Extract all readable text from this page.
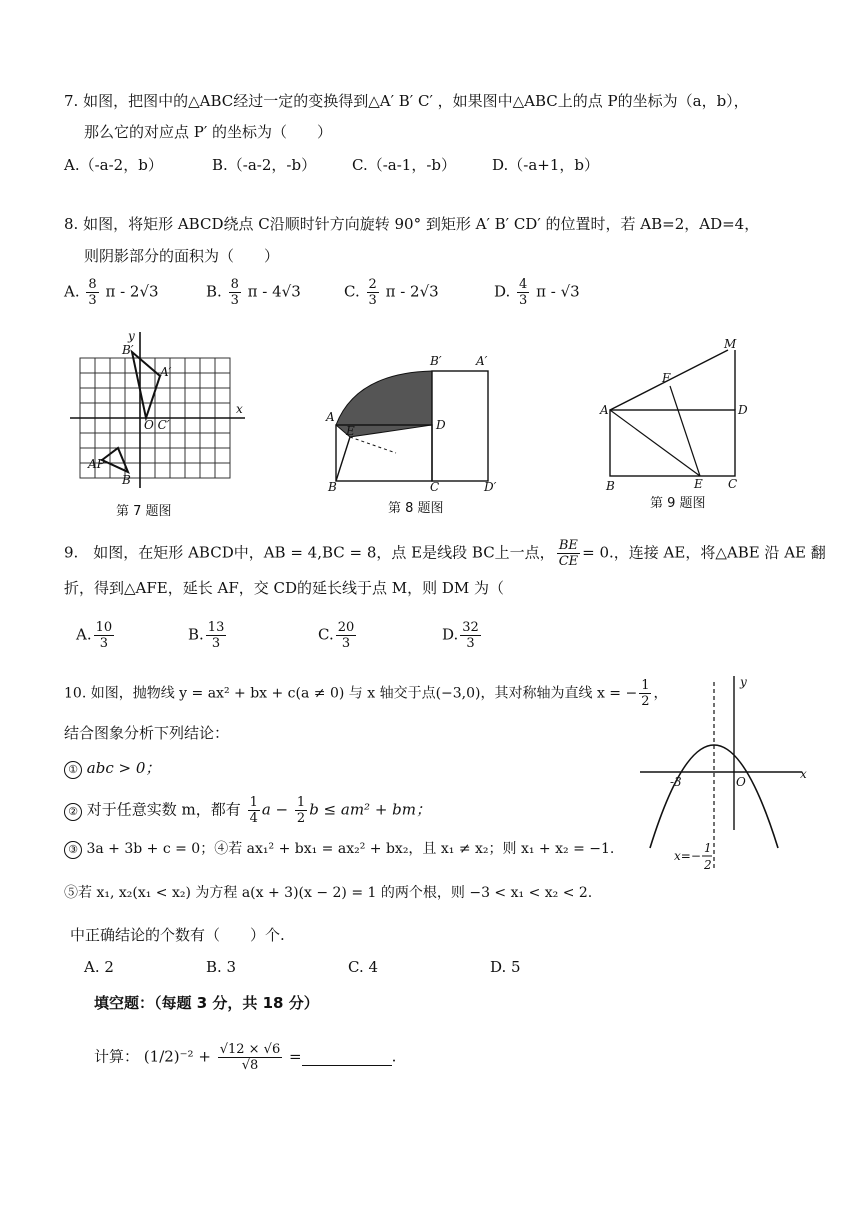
7. 如图，把图中的△ABC经过一定的变换得到△A′ B′ C′ ，如果图中△ABC上的点 P的坐标为（a，b），
那么它的对应点 P′ 的坐标为（　　）
A.（-a-2，b）	B.（-a-2，-b） C.（-a-1，-b） D.（-a+1，b）
8. 如图，将矩形 ABCD绕点 C沿顺时针方向旋转 90° 到矩形 A′ B′ CD′ 的位置时，若 AB=2，AD=4，
则阴影部分的面积为（　　）
A. $\frac{8}{3}$ π - 2√3	B. $\frac{8}{3}$ π - 4√3	C. $\frac{2}{3}$ π - 2√3	D. $\frac{4}{3}$ π - √3
B′
A′
O C′
AP
B
x
y
第 7 题图
B′	A′
A
E	D
B	C	D′
第 8 题图
M
F
A	D
B	E C
第 9 题图
9.　如图，在矩形 ABCD中，AB = 4,BC = 8，点 E是线段 BC上一点， $\frac{BE}{CE} = 0$.，连接 AE，将△ABE 沿 AE 翻
折，得到△AFE，延长 AF，交 CD的延长线于点 M，则 DM 为（
A. $\frac{10}{3}$	B. $\frac{13}{3}$	C. $\frac{20}{3}$	D. $\frac{32}{3}$
10. 如图，抛物线 y = ax² + bx + c(a ≠ 0) 与 x 轴交于点(−3,0)，其对称轴为直线 x = − $\frac{1}{2}$ ，
结合图象分析下列结论：
① abc > 0；
② 对于任意实数 m，都有 $\frac{1}{4}$ $a - \frac{1}{2}$ b ≤ am² + bm；
③ 3a + 3b + c = 0；④若 ax₁² + bx₁ = ax₂² + bx₂，且 x₁ ≠ x₂；则 x₁ + x₂ = −1.
⑤若 x₁, x₂(x₁ < x₂) 为方程 a(x + 3)(x − 2) = 1 的两个根，则 −3 < x₁ < x₂ < 2.
中正确结论的个数有（　　）个.
A. 2	B. 3	C. 4	D. 5
y
x
O
-3
x=−
1
2
填空题：（每题 3 分，共 18 分）
计算： $(1/2)^{-2} + \frac{√12 \times √6}{√8}$ =	.
